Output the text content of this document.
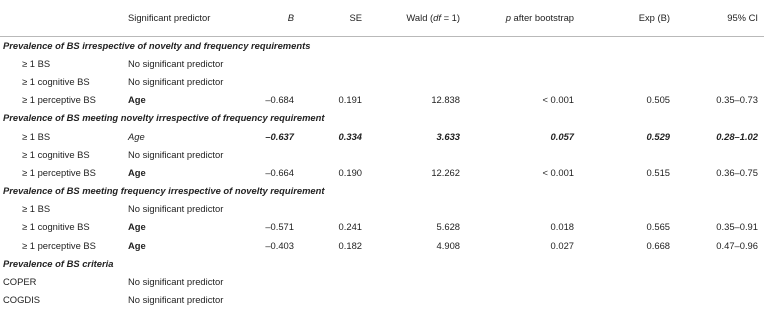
	Significant predictor	B	SE	Wald (df = 1)	p after bootstrap	Exp (B)	95% CI
Prevalence of BS irrespective of novelty and frequency requirements							
≥ 1 BS	No significant predictor						
≥ 1 cognitive BS	No significant predictor						
≥ 1 perceptive BS	Age	–0.684	0.191	12.838	< 0.001	0.505	0.35–0.73
Prevalence of BS meeting novelty irrespective of frequency requirement							
≥ 1 BS	Age	–0.637	0.334	3.633	0.057	0.529	0.28–1.02
≥ 1 cognitive BS	No significant predictor						
≥ 1 perceptive BS	Age	–0.664	0.190	12.262	< 0.001	0.515	0.36–0.75
Prevalence of BS meeting frequency irrespective of novelty requirement							
≥ 1 BS	No significant predictor						
≥ 1 cognitive BS	Age	–0.571	0.241	5.628	0.018	0.565	0.35–0.91
≥ 1 perceptive BS	Age	–0.403	0.182	4.908	0.027	0.668	0.47–0.96
Prevalence of BS criteria							
COPER	No significant predictor						
COGDIS	No significant predictor						
